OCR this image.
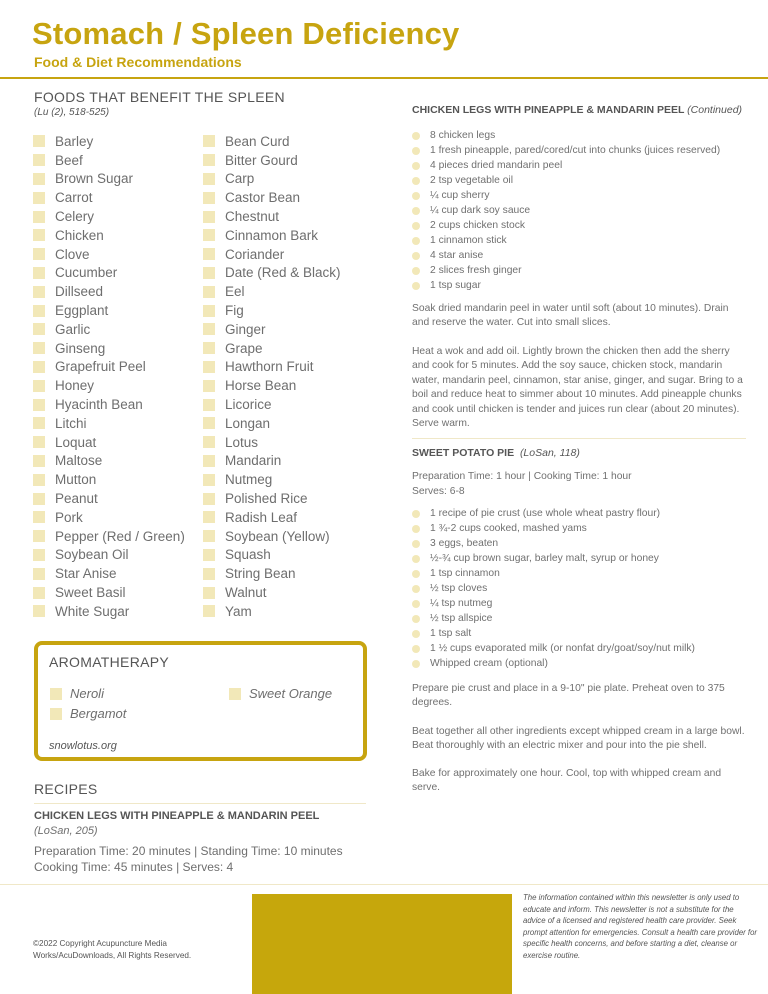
Stomach / Spleen Deficiency
Food & Diet Recommendations
FOODS THAT BENEFIT THE SPLEEN
(Lu (2), 518-525)
Barley
Beef
Brown Sugar
Carrot
Celery
Chicken
Clove
Cucumber
Dillseed
Eggplant
Garlic
Ginseng
Grapefruit Peel
Honey
Hyacinth Bean
Litchi
Loquat
Maltose
Mutton
Peanut
Pork
Pepper (Red / Green)
Soybean Oil
Star Anise
Sweet Basil
White Sugar
Bean Curd
Bitter Gourd
Carp
Castor Bean
Chestnut
Cinnamon Bark
Coriander
Date (Red & Black)
Eel
Fig
Ginger
Grape
Hawthorn Fruit
Horse Bean
Licorice
Longan
Lotus
Mandarin
Nutmeg
Polished Rice
Radish Leaf
Soybean (Yellow)
Squash
String Bean
Walnut
Yam
AROMATHERAPY
Neroli
Bergamot
Sweet Orange
snowlotus.org
RECIPES
CHICKEN LEGS WITH PINEAPPLE & MANDARIN PEEL
(LoSan, 205)
Preparation Time: 20 minutes | Standing Time: 10 minutes
Cooking Time: 45 minutes | Serves: 4
CHICKEN LEGS WITH PINEAPPLE & MANDARIN PEEL (Continued)
8 chicken legs
1 fresh pineapple, pared/cored/cut into chunks (juices reserved)
4 pieces dried mandarin peel
2 tsp vegetable oil
¼ cup sherry
¼ cup dark soy sauce
2 cups chicken stock
1 cinnamon stick
4 star anise
2 slices fresh ginger
1 tsp sugar
Soak dried mandarin peel in water until soft (about 10 minutes). Drain and reserve the water. Cut into small slices.
Heat a wok and add oil. Lightly brown the chicken then add the sherry and cook for 5 minutes. Add the soy sauce, chicken stock, mandarin water, mandarin peel, cinnamon, star anise, ginger, and sugar. Bring to a boil and reduce heat to simmer about 10 minutes. Add pineapple chunks and cook until chicken is tender and juices run clear (about 20 minutes). Serve warm.
SWEET POTATO PIE (LoSan, 118)
Preparation Time: 1 hour | Cooking Time: 1 hour
Serves: 6-8
1 recipe of pie crust (use whole wheat pastry flour)
1 ¾-2 cups cooked, mashed yams
3 eggs, beaten
½-¾ cup brown sugar, barley malt, syrup or honey
1 tsp cinnamon
½ tsp cloves
¼ tsp nutmeg
½ tsp allspice
1 tsp salt
1 ½ cups evaporated milk (or nonfat dry/goat/soy/nut milk)
Whipped cream (optional)
Prepare pie crust and place in a 9-10" pie plate. Preheat oven to 375 degrees.
Beat together all other ingredients except whipped cream in a large bowl. Beat thoroughly with an electric mixer and pour into the pie shell.
Bake for approximately one hour. Cool, top with whipped cream and serve.
©2022 Copyright Acupuncture Media Works/AcuDownloads, All Rights Reserved.
The information contained within this newsletter is only used to educate and inform. This newsletter is not a substitute for the advice of a licensed and registered health care provider. Seek prompt attention for emergencies. Consult a health care provider for specific health concerns, and before starting a diet, cleanse or exercise routine.
